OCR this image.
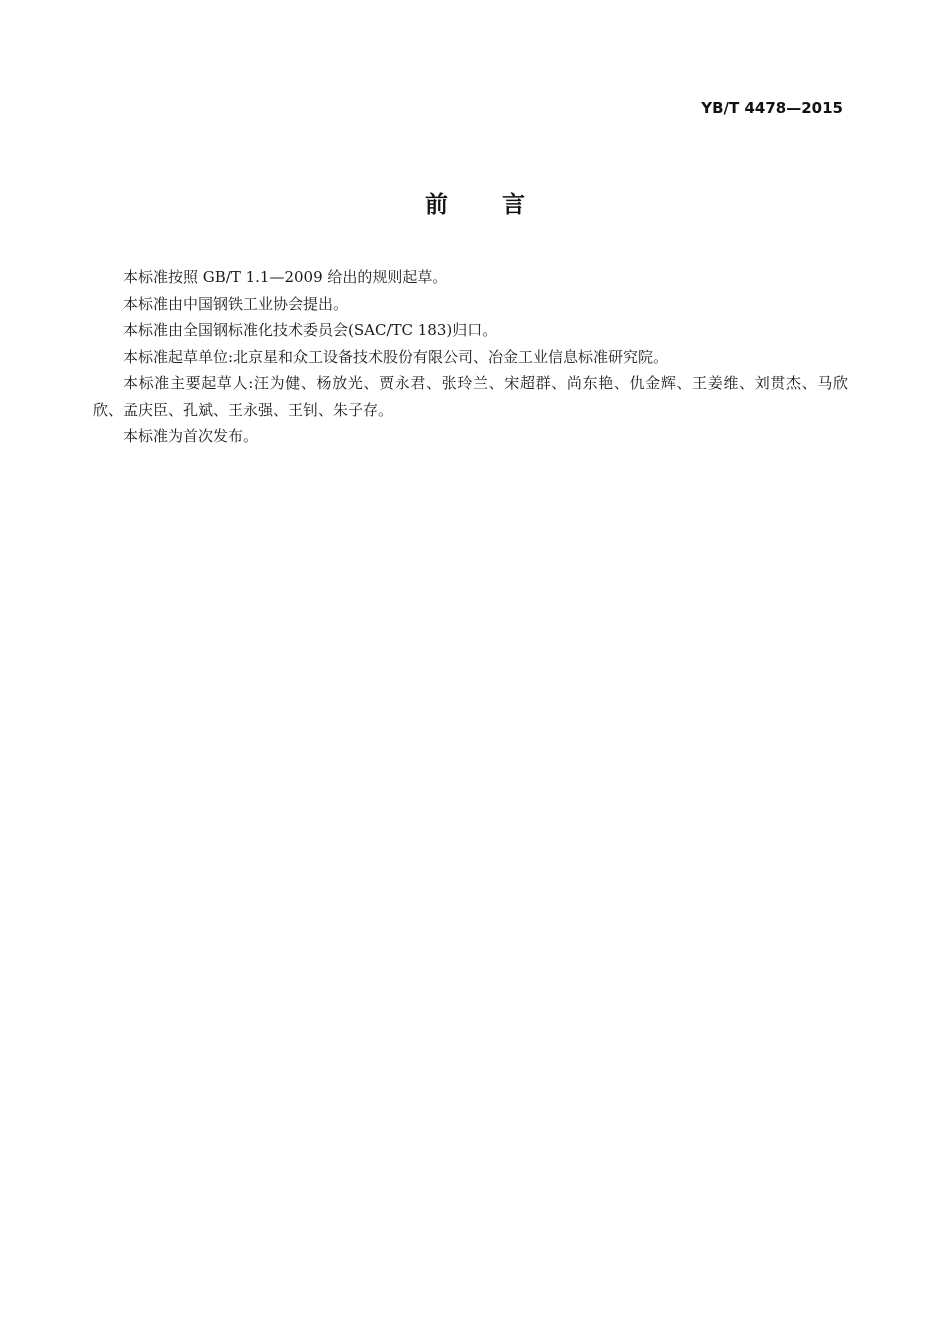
YB/T 4478—2015
前 言

本标准按照 GB/T 1.1—2009 给出的规则起草。

本标准由中国钢铁工业协会提出。

本标准由全国钢标准化技术委员会(SAC/TC 183)归口。

本标准起草单位:北京星和众工设备技术股份有限公司、冶金工业信息标准研究院。

本标准主要起草人:汪为健、杨放光、贾永君、张玲兰、宋超群、尚东艳、仇金辉、王姜维、刘贯杰、马欣欣、孟庆臣、孔斌、王永强、王钊、朱子存。

本标准为首次发布。
